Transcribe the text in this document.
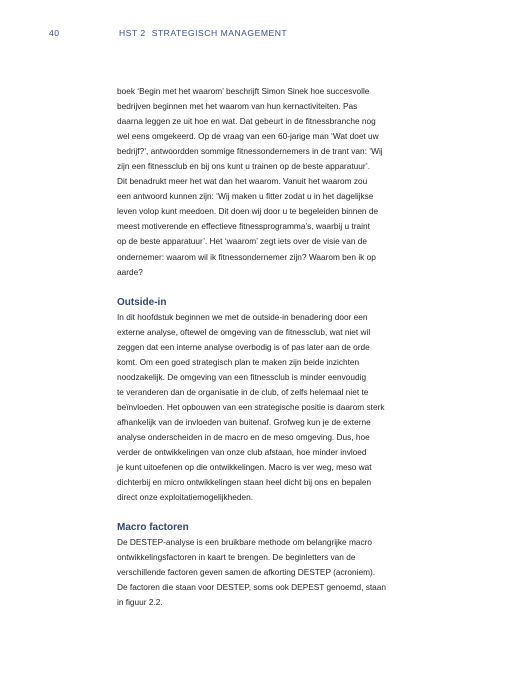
40	HST 2 STRATEGISCH MANAGEMENT
boek ‘Begin met het waarom’ beschrijft Simon Sinek hoe succesvolle
bedrijven beginnen met het waarom van hun kernactiviteiten. Pas
daarna leggen ze uit hoe en wat. Dat gebeurt in de fitnessbranche nog
wel eens omgekeerd. Op de vraag van een 60-jarige man ‘Wat doet uw
bedrijf?’, antwoordden sommige fitnessondernemers in de trant van: ‘Wij
zijn een fitnessclub en bij ons kunt u trainen op de beste apparatuur’.
Dit benadrukt meer het wat dan het waarom. Vanuit het waarom zou
een antwoord kunnen zijn: ‘Wij maken u fitter zodat u in het dagelijkse
leven volop kunt meedoen. Dit doen wij door u te begeleiden binnen de
meest motiverende en effectieve fitnessprogramma’s, waarbij u traint
op de beste apparatuur’. Het ‘waarom’ zegt iets over de visie van de
ondernemer: waarom wil ik fitnessondernemer zijn? Waarom ben ik op
aarde?
Outside-in
In dit hoofdstuk beginnen we met de outside-in benadering door een
externe analyse, oftewel de omgeving van de fitnessclub, wat niet wil
zeggen dat een interne analyse overbodig is of pas later aan de orde
komt. Om een goed strategisch plan te maken zijn beide inzichten
noodzakelijk. De omgeving van een fitnessclub is minder eenvoudig
te veranderen dan de organisatie in de club, of zelfs helemaal niet te
beïnvloeden. Het opbouwen van een strategische positie is daarom sterk
afhankelijk van de invloeden van buitenaf. Grofweg kun je de externe
analyse onderscheiden in de macro en de meso omgeving. Dus, hoe
verder de ontwikkelingen van onze club afstaan, hoe minder invloed
je kunt uitoefenen op die ontwikkelingen. Macro is ver weg, meso wat
dichterbij en micro ontwikkelingen staan heel dicht bij ons en bepalen
direct onze exploitatiemogelijkheden.
Macro factoren
De DESTEP-analyse is een bruikbare methode om belangrijke macro
ontwikkelingsfactoren in kaart te brengen. De beginletters van de
verschillende factoren geven samen de afkorting DESTEP (acroniem).
De factoren die staan voor DESTEP, soms ook DEPEST genoemd, staan
in figuur 2.2.
